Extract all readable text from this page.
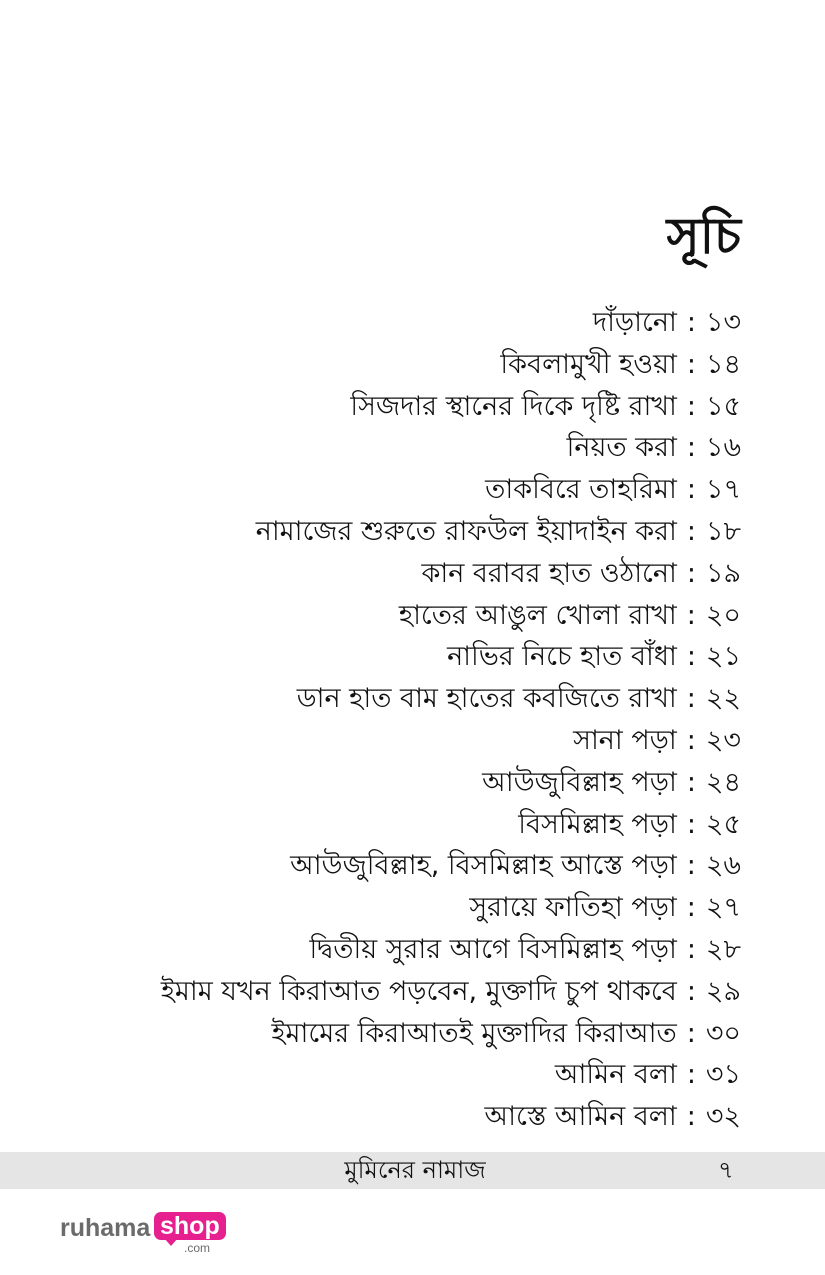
সূচি
দাঁড়ানো : ১৩
কিবলামুখী হওয়া : ১৪
সিজদার স্থানের দিকে দৃষ্টি রাখা : ১৫
নিয়ত করা : ১৬
তাকবিরে তাহরিমা : ১৭
নামাজের শুরুতে রাফউল ইয়াদাইন করা : ১৮
কান বরাবর হাত ওঠানো : ১৯
হাতের আঙুল খোলা রাখা : ২০
নাভির নিচে হাত বাঁধা : ২১
ডান হাত বাম হাতের কবজিতে রাখা : ২২
সানা পড়া : ২৩
আউজুবিল্লাহ পড়া : ২৪
বিসমিল্লাহ পড়া : ২৫
আউজুবিল্লাহ, বিসমিল্লাহ আস্তে পড়া : ২৬
সুরায়ে ফাতিহা পড়া : ২৭
দ্বিতীয় সুরার আগে বিসমিল্লাহ পড়া : ২৮
ইমাম যখন কিরাআত পড়বেন, মুক্তাদি চুপ থাকবে : ২৯
ইমামের কিরাআতই মুক্তাদির কিরাআত : ৩০
আমিন বলা : ৩১
আস্তে আমিন বলা : ৩২
মুমিনের নামাজ	৭
ruhama shop
.com
